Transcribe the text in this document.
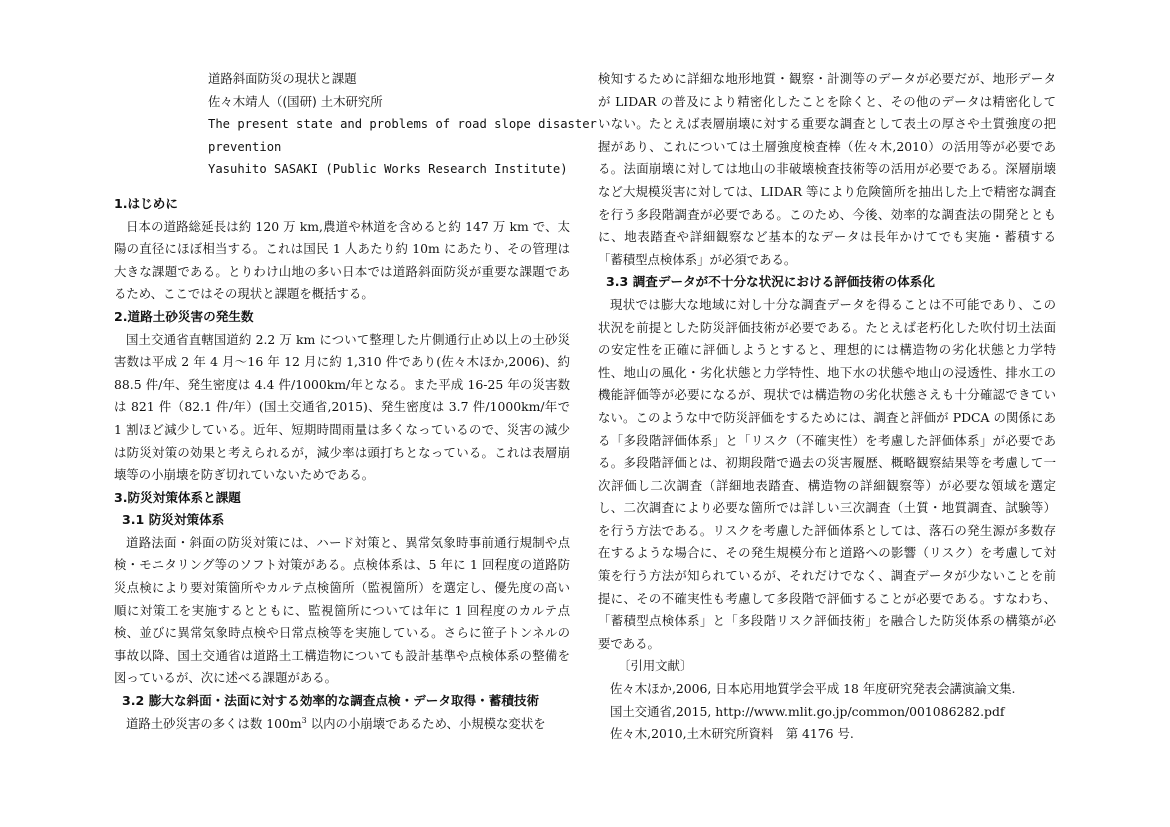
道路斜面防災の現状と課題
佐々木靖人（(国研) 土木研究所
The present state and problems of road slope disaster
prevention
Yasuhito SASAKI (Public Works Research Institute)
1.はじめに

日本の道路総延長は約 120 万 km,農道や林道を含めると約 147 万 km で、太陽の直径にほぼ相当する。これは国民 1 人あたり約 10m にあたり、その管理は大きな課題である。とりわけ山地の多い日本では道路斜面防災が重要な課題であるため、ここではその現状と課題を概括する。

2.道路土砂災害の発生数

国土交通省直轄国道約 2.2 万 km について整理した片側通行止め以上の土砂災害数は平成 2 年 4 月～16 年 12 月に約 1,310 件であり(佐々木ほか,2006)、約 88.5 件/年、発生密度は 4.4 件/1000km/年となる。また平成 16-25 年の災害数は 821 件（82.1 件/年）(国土交通省,2015)、発生密度は 3.7 件/1000km/年で 1 割ほど減少している。近年、短期時間雨量は多くなっているので、災害の減少は防災対策の効果と考えられるが，減少率は頭打ちとなっている。これは表層崩壊等の小崩壊を防ぎ切れていないためである。

3.防災対策体系と課題
3.1 防災対策体系

道路法面・斜面の防災対策には、ハード対策と、異常気象時事前通行規制や点検・モニタリング等のソフト対策がある。点検体系は、5 年に 1 回程度の道路防災点検により要対策箇所やカルテ点検箇所（監視箇所）を選定し、優先度の高い順に対策工を実施するとともに、監視箇所については年に 1 回程度のカルテ点検、並びに異常気象時点検や日常点検等を実施している。さらに笹子トンネルの事故以降、国土交通省は道路土工構造物についても設計基準や点検体系の整備を図っているが、次に述べる課題がある。

3.2 膨大な斜面・法面に対する効率的な調査点検・データ取得・蓄積技術

道路土砂災害の多くは数 $100m^3$ 以内の小崩壊であるため、小規模な変状を

検知するために詳細な地形地質・観察・計測等のデータが必要だが、地形データが LIDAR の普及により精密化したことを除くと、その他のデータは精密化していない。たとえば表層崩壊に対する重要な調査として表土の厚さや土質強度の把握があり、これについては土層強度検査棒（佐々木,2010）の活用等が必要である。法面崩壊に対しては地山の非破壊検査技術等の活用が必要である。深層崩壊など大規模災害に対しては、LIDAR 等により危険箇所を抽出した上で精密な調査を行う多段階調査が必要である。このため、今後、効率的な調査法の開発とともに、地表踏査や詳細観察など基本的なデータは長年かけてでも実施・蓄積する「蓄積型点検体系」が必須である。

3.3 調査データが不十分な状況における評価技術の体系化

現状では膨大な地域に対し十分な調査データを得ることは不可能であり、この状況を前提とした防災評価技術が必要である。たとえば老朽化した吹付切土法面の安定性を正確に評価しようとすると、理想的には構造物の劣化状態と力学特性、地山の風化・劣化状態と力学特性、地下水の状態や地山の浸透性、排水工の機能評価等が必要になるが、現状では構造物の劣化状態さえも十分確認できていない。このような中で防災評価をするためには、調査と評価が PDCA の関係にある「多段階評価体系」と「リスク（不確実性）を考慮した評価体系」が必要である。多段階評価とは、初期段階で過去の災害履歴、概略観察結果等を考慮して一次評価し二次調査（詳細地表踏査、構造物の詳細観察等）が必要な領域を選定し、二次調査により必要な箇所では詳しい三次調査（土質・地質調査、試験等）を行う方法である。リスクを考慮した評価体系としては、落石の発生源が多数存在するような場合に、その発生規模分布と道路への影響（リスク）を考慮して対策を行う方法が知られているが、それだけでなく、調査データが少ないことを前提に、その不確実性も考慮して多段階で評価することが必要である。すなわち、「蓄積型点検体系」と「多段階リスク評価技術」を融合した防災体系の構築が必要である。

〔引用文献〕
佐々木ほか,2006, 日本応用地質学会平成 18 年度研究発表会講演論文集.
国土交通省,2015, http://www.mlit.go.jp/common/001086282.pdf
佐々木,2010,土木研究所資料　第 4176 号.
